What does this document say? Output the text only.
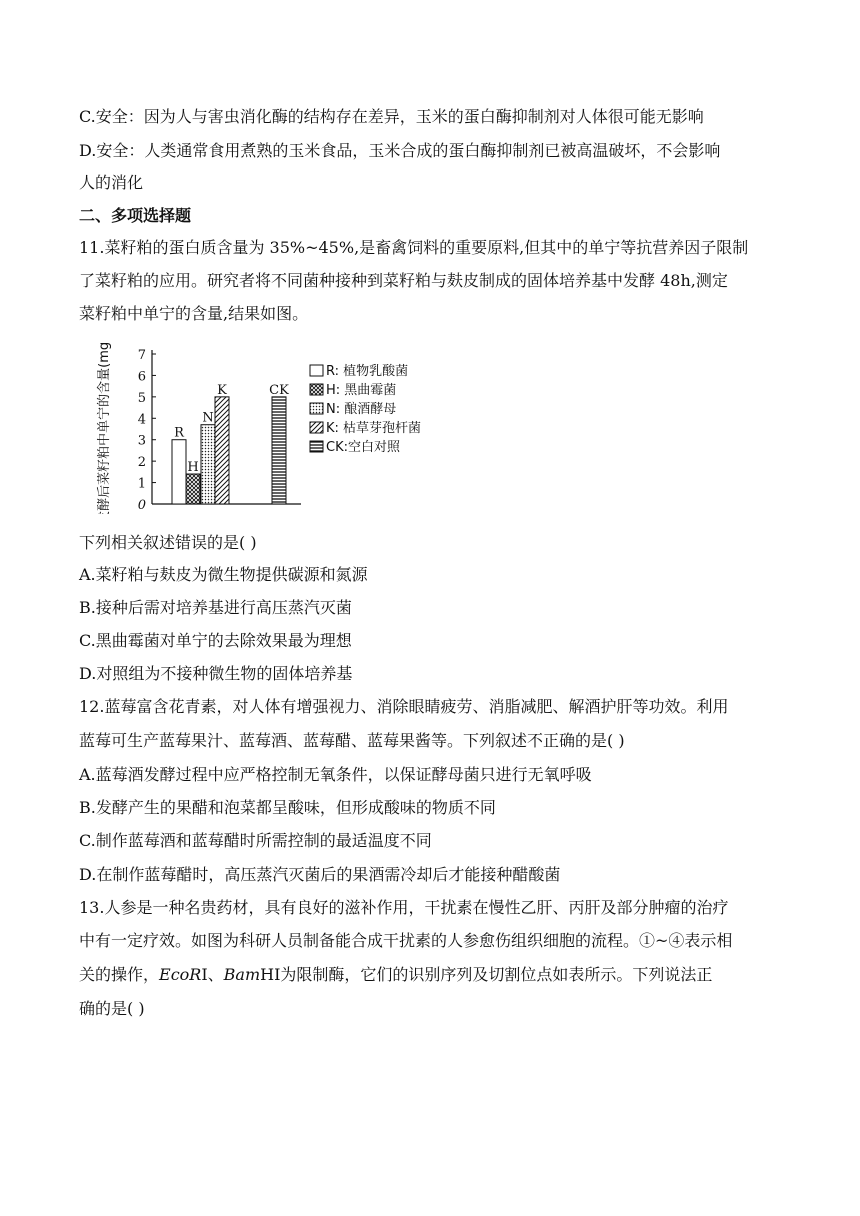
C.安全：因为人与害虫消化酶的结构存在差异，玉米的蛋白酶抑制剂对人体很可能无影响
D.安全：人类通常食用煮熟的玉米食品，玉米合成的蛋白酶抑制剂已被高温破坏，不会影响
人的消化
二、多项选择题
11.菜籽粕的蛋白质含量为 35%~45%,是畜禽饲料的重要原料,但其中的单宁等抗营养因子限制
了菜籽粕的应用。研究者将不同菌种接种到菜籽粕与麸皮制成的固体培养基中发酵 48h,测定
菜籽粕中单宁的含量,结果如图。
发酵后菜籽粕中单宁的含量(mg/g) 0
1
2
3
4
5
6
7
R
H
N
K	CK
R: 植物乳酸菌
H: 黑曲霉菌
N: 酿酒酵母
K: 枯草芽孢杆菌
CK:空白对照
下列相关叙述错误的是( )
A.菜籽粕与麸皮为微生物提供碳源和氮源
B.接种后需对培养基进行高压蒸汽灭菌
C.黑曲霉菌对单宁的去除效果最为理想
D.对照组为不接种微生物的固体培养基
12.蓝莓富含花青素，对人体有增强视力、消除眼睛疲劳、消脂减肥、解酒护肝等功效。利用
蓝莓可生产蓝莓果汁、蓝莓酒、蓝莓醋、蓝莓果酱等。下列叙述不正确的是( )
A.蓝莓酒发酵过程中应严格控制无氧条件，以保证酵母菌只进行无氧呼吸
B.发酵产生的果醋和泡菜都呈酸味，但形成酸味的物质不同
C.制作蓝莓酒和蓝莓醋时所需控制的最适温度不同
D.在制作蓝莓醋时，高压蒸汽灭菌后的果酒需冷却后才能接种醋酸菌
13.人参是一种名贵药材，具有良好的滋补作用，干扰素在慢性乙肝、丙肝及部分肿瘤的治疗
中有一定疗效。如图为科研人员制备能合成干扰素的人参愈伤组织细胞的流程。①~④表示相
关的操作，EcoRⅠ、BamHⅠ为限制酶，它们的识别序列及切割位点如表所示。下列说法正
确的是( )
